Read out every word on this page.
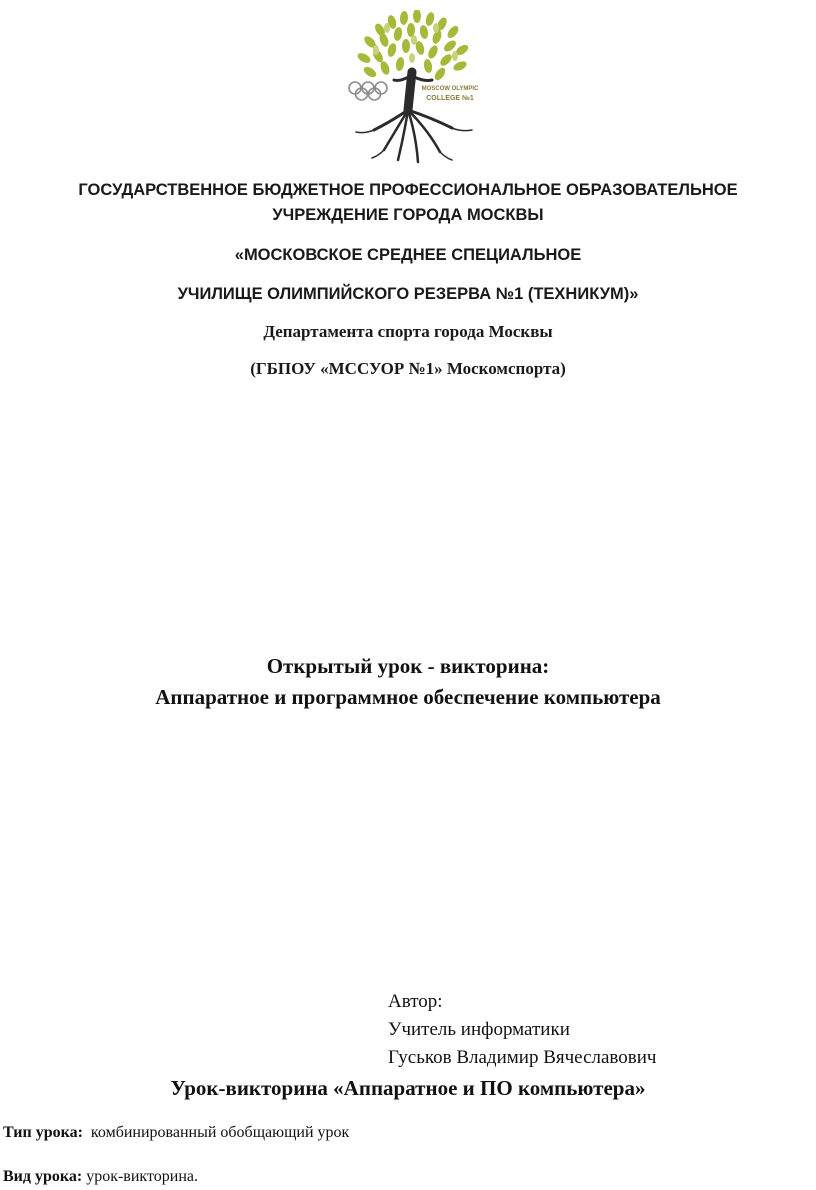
MOSCOW OLYMPIC
COLLEGE №1
ГОСУДАРСТВЕННОЕ БЮДЖЕТНОЕ ПРОФЕССИОНАЛЬНОЕ ОБРАЗОВАТЕЛЬНОЕ
УЧРЕЖДЕНИЕ ГОРОДА МОСКВЫ
«МОСКОВСКОЕ СРЕДНЕЕ СПЕЦИАЛЬНОЕ
УЧИЛИЩЕ ОЛИМПИЙСКОГО РЕЗЕРВА №1 (ТЕХНИКУМ)»
Департамента спорта города Москвы
(ГБПОУ «МССУОР №1» Москомспорта)
Открытый урок - викторина:
Аппаратное и программное обеспечение компьютера
Автор:
Учитель информатики
Гуськов Владимир Вячеславович
Урок-викторина «Аппаратное и ПО компьютера»
Тип урока: комбинированный обобщающий урок
Вид урока: урок-викторина.
